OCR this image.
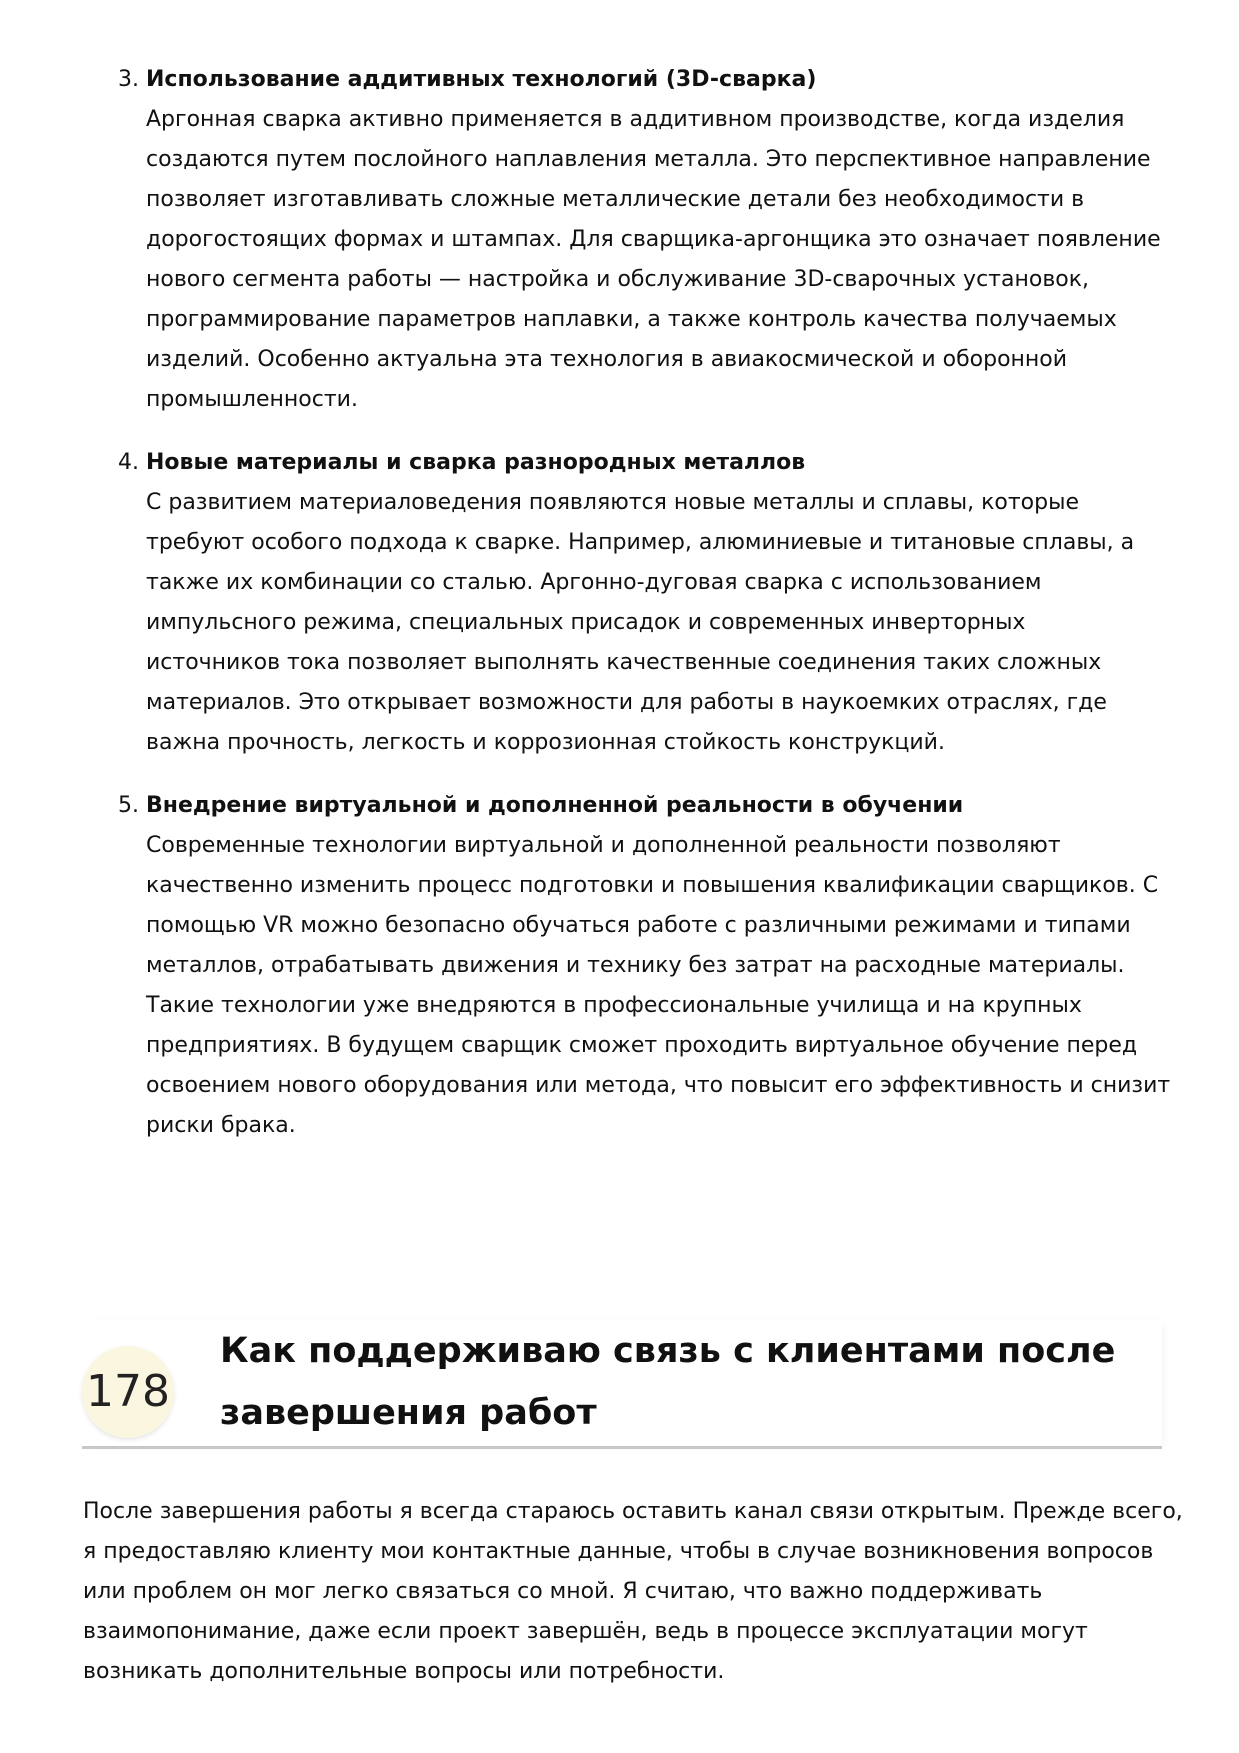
3. Использование аддитивных технологий (3D-сварка)
Аргонная сварка активно применяется в аддитивном производстве, когда изделия
создаются путем послойного наплавления металла. Это перспективное направление
позволяет изготавливать сложные металлические детали без необходимости в
дорогостоящих формах и штампах. Для сварщика-аргонщика это означает появление
нового сегмента работы — настройка и обслуживание 3D-сварочных установок,
программирование параметров наплавки, а также контроль качества получаемых
изделий. Особенно актуальна эта технология в авиакосмической и оборонной
промышленности.
4. Новые материалы и сварка разнородных металлов
С развитием материаловедения появляются новые металлы и сплавы, которые
требуют особого подхода к сварке. Например, алюминиевые и титановые сплавы, а
также их комбинации со сталью. Аргонно-дуговая сварка с использованием
импульсного режима, специальных присадок и современных инверторных
источников тока позволяет выполнять качественные соединения таких сложных
материалов. Это открывает возможности для работы в наукоемких отраслях, где
важна прочность, легкость и коррозионная стойкость конструкций.
5. Внедрение виртуальной и дополненной реальности в обучении
Современные технологии виртуальной и дополненной реальности позволяют
качественно изменить процесс подготовки и повышения квалификации сварщиков. С
помощью VR можно безопасно обучаться работе с различными режимами и типами
металлов, отрабатывать движения и технику без затрат на расходные материалы.
Такие технологии уже внедряются в профессиональные училища и на крупных
предприятиях. В будущем сварщик сможет проходить виртуальное обучение перед
освоением нового оборудования или метода, что повысит его эффективность и снизит
риски брака.
178
Как поддерживаю связь с клиентами после
завершения работ
После завершения работы я всегда стараюсь оставить канал связи открытым. Прежде всего,
я предоставляю клиенту мои контактные данные, чтобы в случае возникновения вопросов
или проблем он мог легко связаться со мной. Я считаю, что важно поддерживать
взаимопонимание, даже если проект завершён, ведь в процессе эксплуатации могут
возникать дополнительные вопросы или потребности.
